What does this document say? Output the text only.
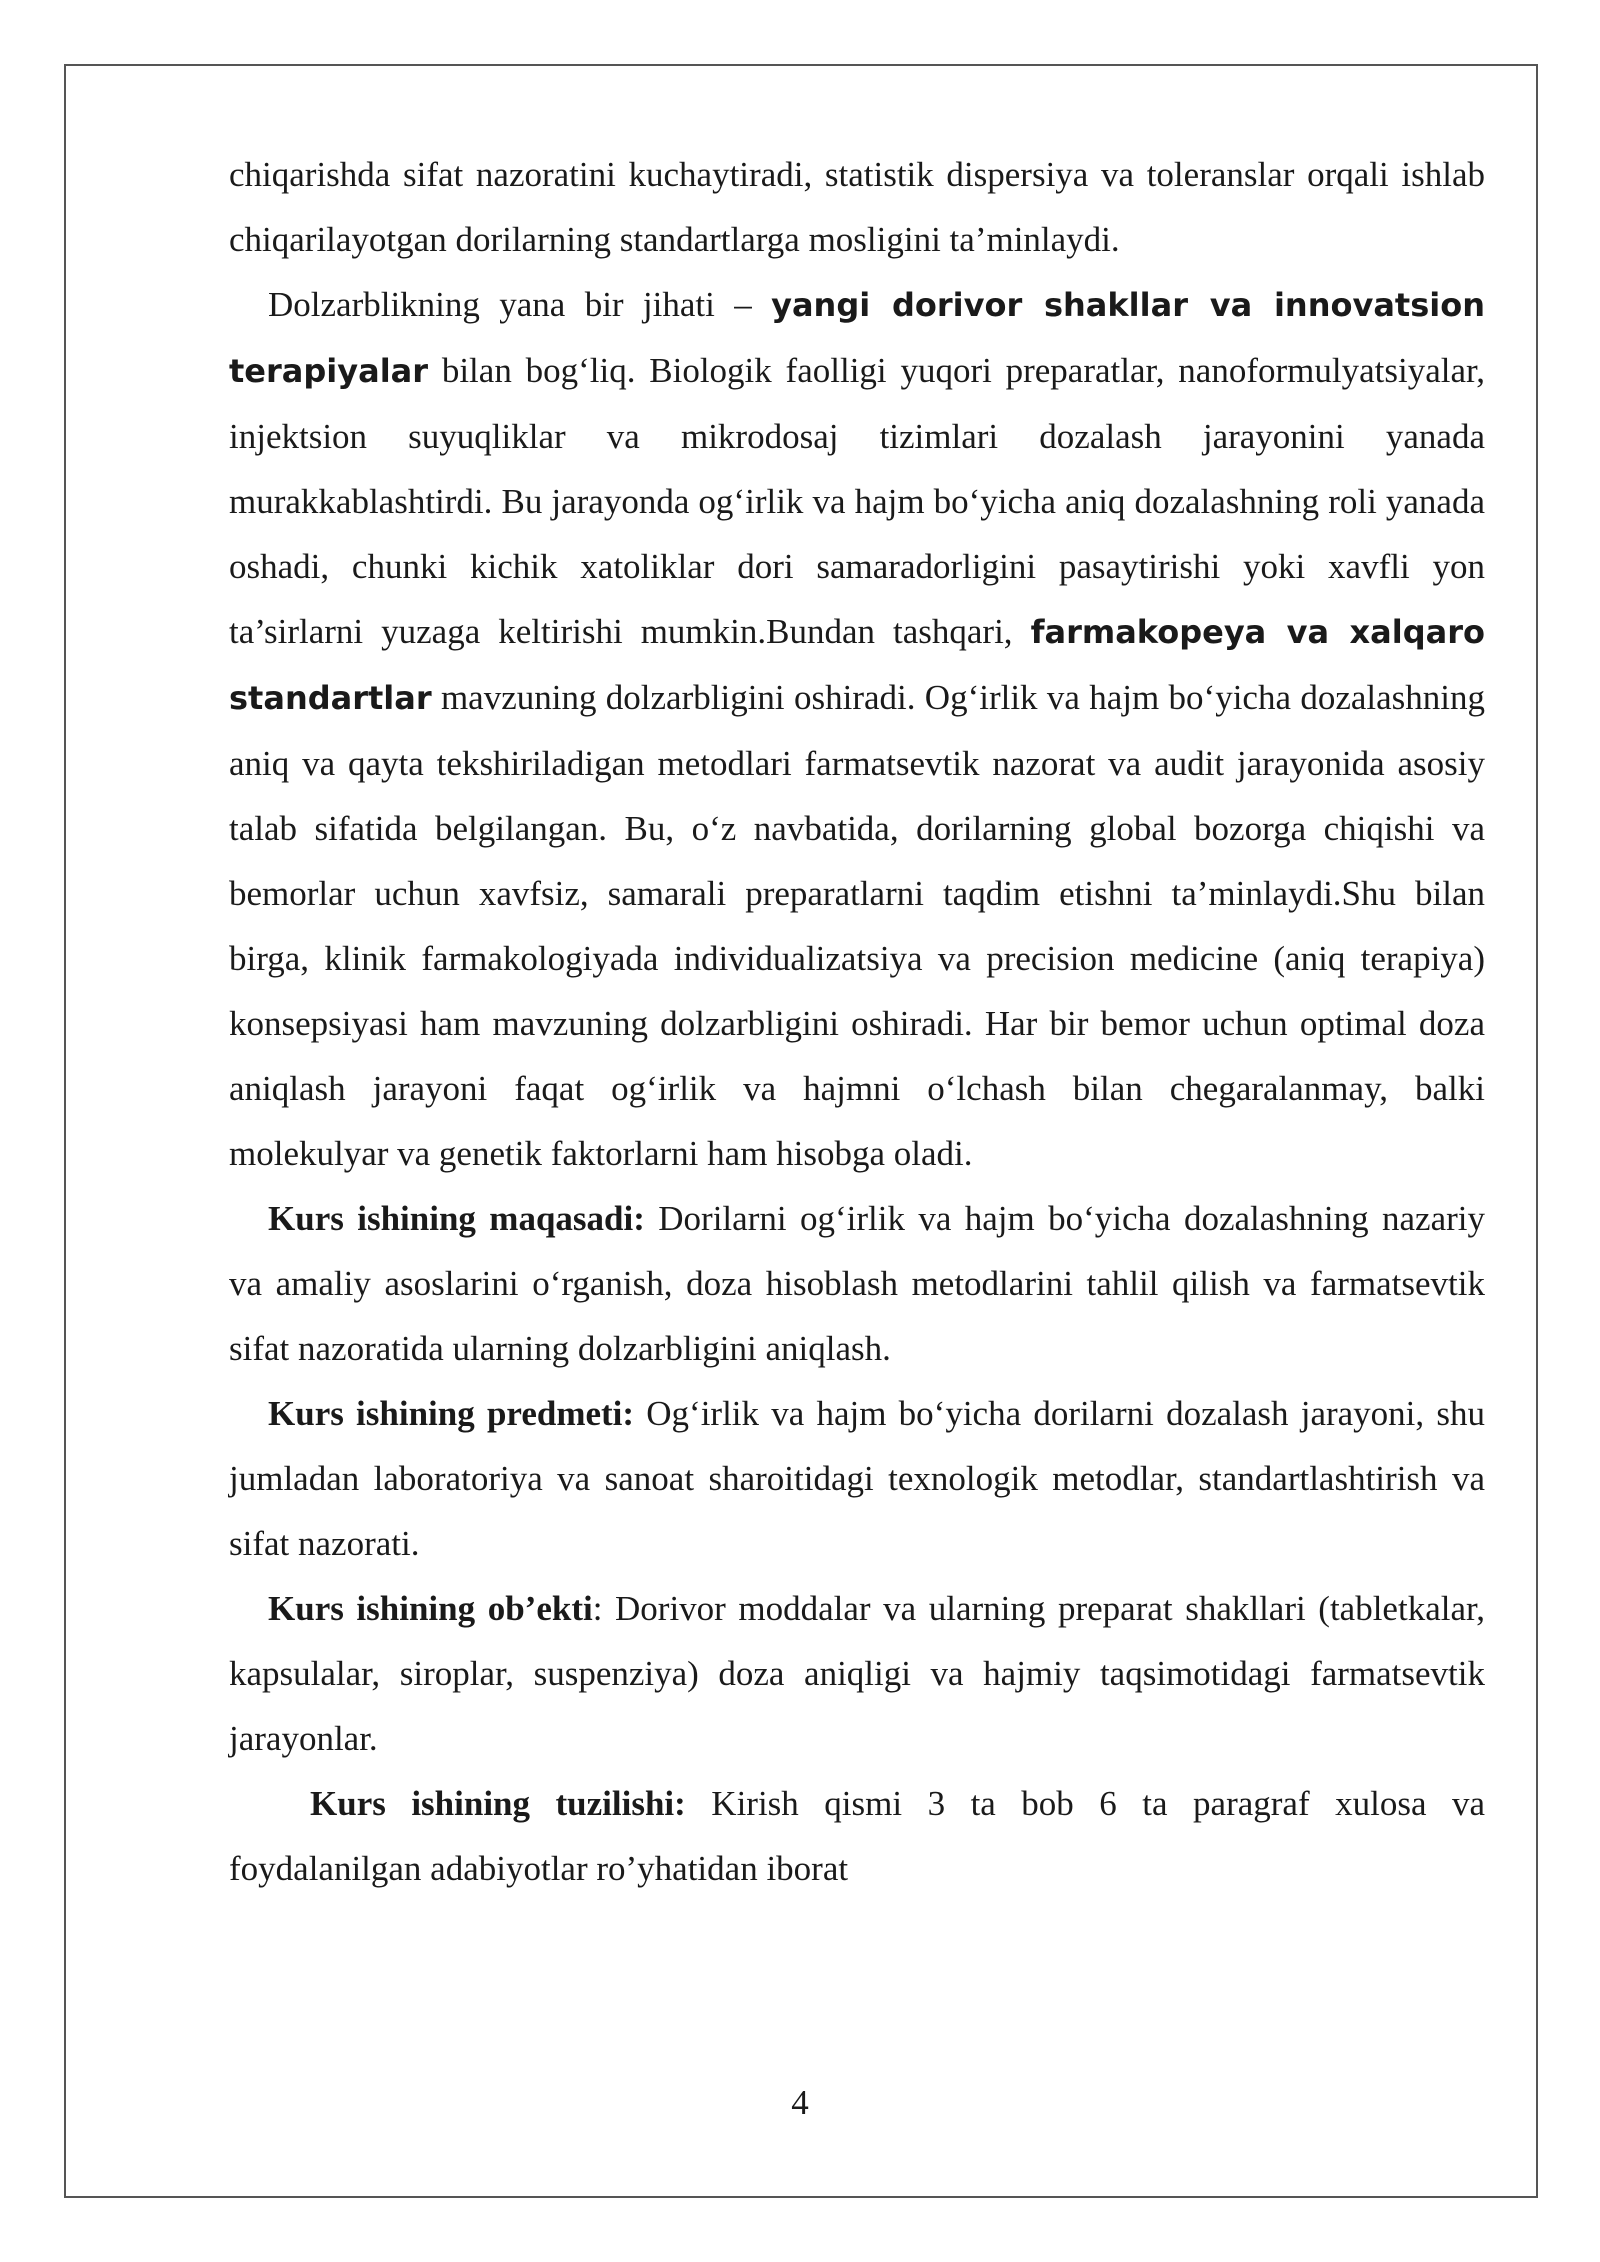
chiqarishda sifat nazoratini kuchaytiradi, statistik dispersiya va toleranslar orqali ishlab chiqarilayotgan dorilarning standartlarga mosligini ta’minlaydi.

Dolzarblikning yana bir jihati – yangi dorivor shakllar va innovatsion terapiyalar bilan bog‘liq. Biologik faolligi yuqori preparatlar, nanoformulyatsiyalar, injektsion suyuqliklar va mikrodosaj tizimlari dozalash jarayonini yanada murakkablashtirdi. Bu jarayonda og‘irlik va hajm bo‘yicha aniq dozalashning roli yanada oshadi, chunki kichik xatoliklar dori samaradorligini pasaytirishi yoki xavfli yon ta’sirlarni yuzaga keltirishi mumkin.Bundan tashqari, farmakopeya va xalqaro standartlar mavzuning dolzarbligini oshiradi. Og‘irlik va hajm bo‘yicha dozalashning aniq va qayta tekshiriladigan metodlari farmatsevtik nazorat va audit jarayonida asosiy talab sifatida belgilangan. Bu, o‘z navbatida, dorilarning global bozorga chiqishi va bemorlar uchun xavfsiz, samarali preparatlarni taqdim etishni ta’minlaydi.Shu bilan birga, klinik farmakologiyada individualizatsiya va precision medicine (aniq terapiya) konsepsiyasi ham mavzuning dolzarbligini oshiradi. Har bir bemor uchun optimal doza aniqlash jarayoni faqat og‘irlik va hajmni o‘lchash bilan chegaralanmay, balki molekulyar va genetik faktorlarni ham hisobga oladi.

Kurs ishining maqasadi: Dorilarni og‘irlik va hajm bo‘yicha dozalashning nazariy va amaliy asoslarini o‘rganish, doza hisoblash metodlarini tahlil qilish va farmatsevtik sifat nazoratida ularning dolzarbligini aniqlash.

Kurs ishining predmeti: Og‘irlik va hajm bo‘yicha dorilarni dozalash jarayoni, shu jumladan laboratoriya va sanoat sharoitidagi texnologik metodlar, standartlashtirish va sifat nazorati.

Kurs ishining ob’ekti: Dorivor moddalar va ularning preparat shakllari (tabletkalar, kapsulalar, siroplar, suspenziya) doza aniqligi va hajmiy taqsimotidagi farmatsevtik jarayonlar.

Kurs ishining tuzilishi: Kirish qismi 3 ta bob 6 ta paragraf xulosa va foydalanilgan adabiyotlar ro’yhatidan iborat

4
